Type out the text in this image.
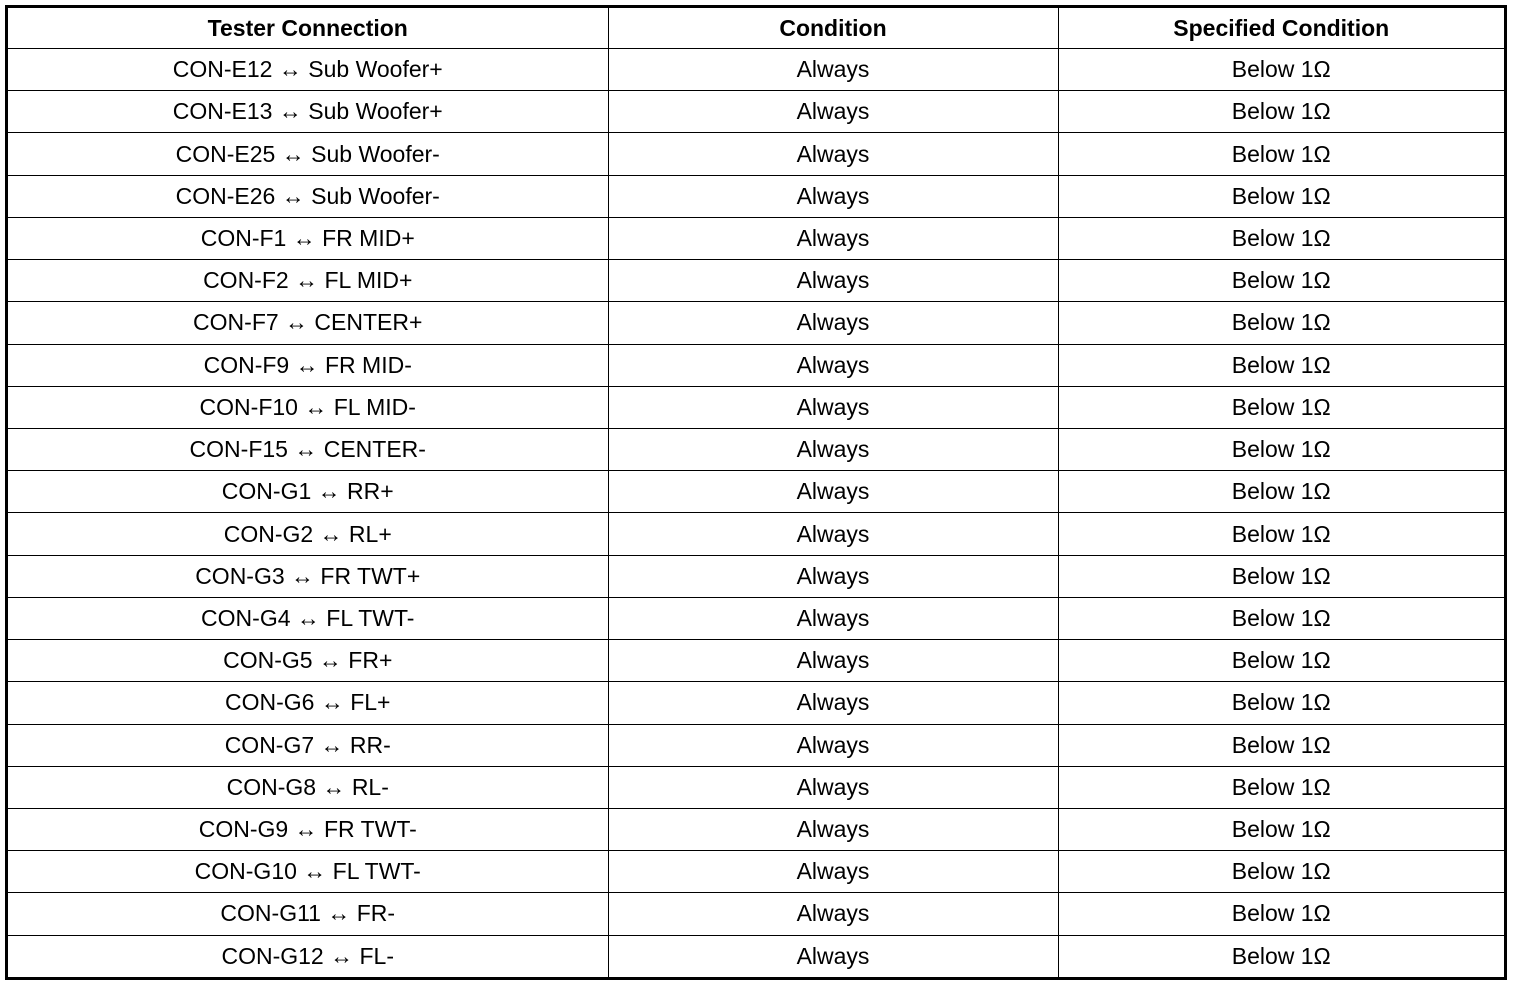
Tester Connection	Condition	Specified Condition
CON-E12 ↔ Sub Woofer+	Always	Below 1Ω
CON-E13 ↔ Sub Woofer+	Always	Below 1Ω
CON-E25 ↔ Sub Woofer-	Always	Below 1Ω
CON-E26 ↔ Sub Woofer-	Always	Below 1Ω
CON-F1 ↔ FR MID+	Always	Below 1Ω
CON-F2 ↔ FL MID+	Always	Below 1Ω
CON-F7 ↔ CENTER+	Always	Below 1Ω
CON-F9 ↔ FR MID-	Always	Below 1Ω
CON-F10 ↔ FL MID-	Always	Below 1Ω
CON-F15 ↔ CENTER-	Always	Below 1Ω
CON-G1 ↔ RR+	Always	Below 1Ω
CON-G2 ↔ RL+	Always	Below 1Ω
CON-G3 ↔ FR TWT+	Always	Below 1Ω
CON-G4 ↔ FL TWT-	Always	Below 1Ω
CON-G5 ↔ FR+	Always	Below 1Ω
CON-G6 ↔ FL+	Always	Below 1Ω
CON-G7 ↔ RR-	Always	Below 1Ω
CON-G8 ↔ RL-	Always	Below 1Ω
CON-G9 ↔ FR TWT-	Always	Below 1Ω
CON-G10 ↔ FL TWT-	Always	Below 1Ω
CON-G11 ↔ FR-	Always	Below 1Ω
CON-G12 ↔ FL-	Always	Below 1Ω
